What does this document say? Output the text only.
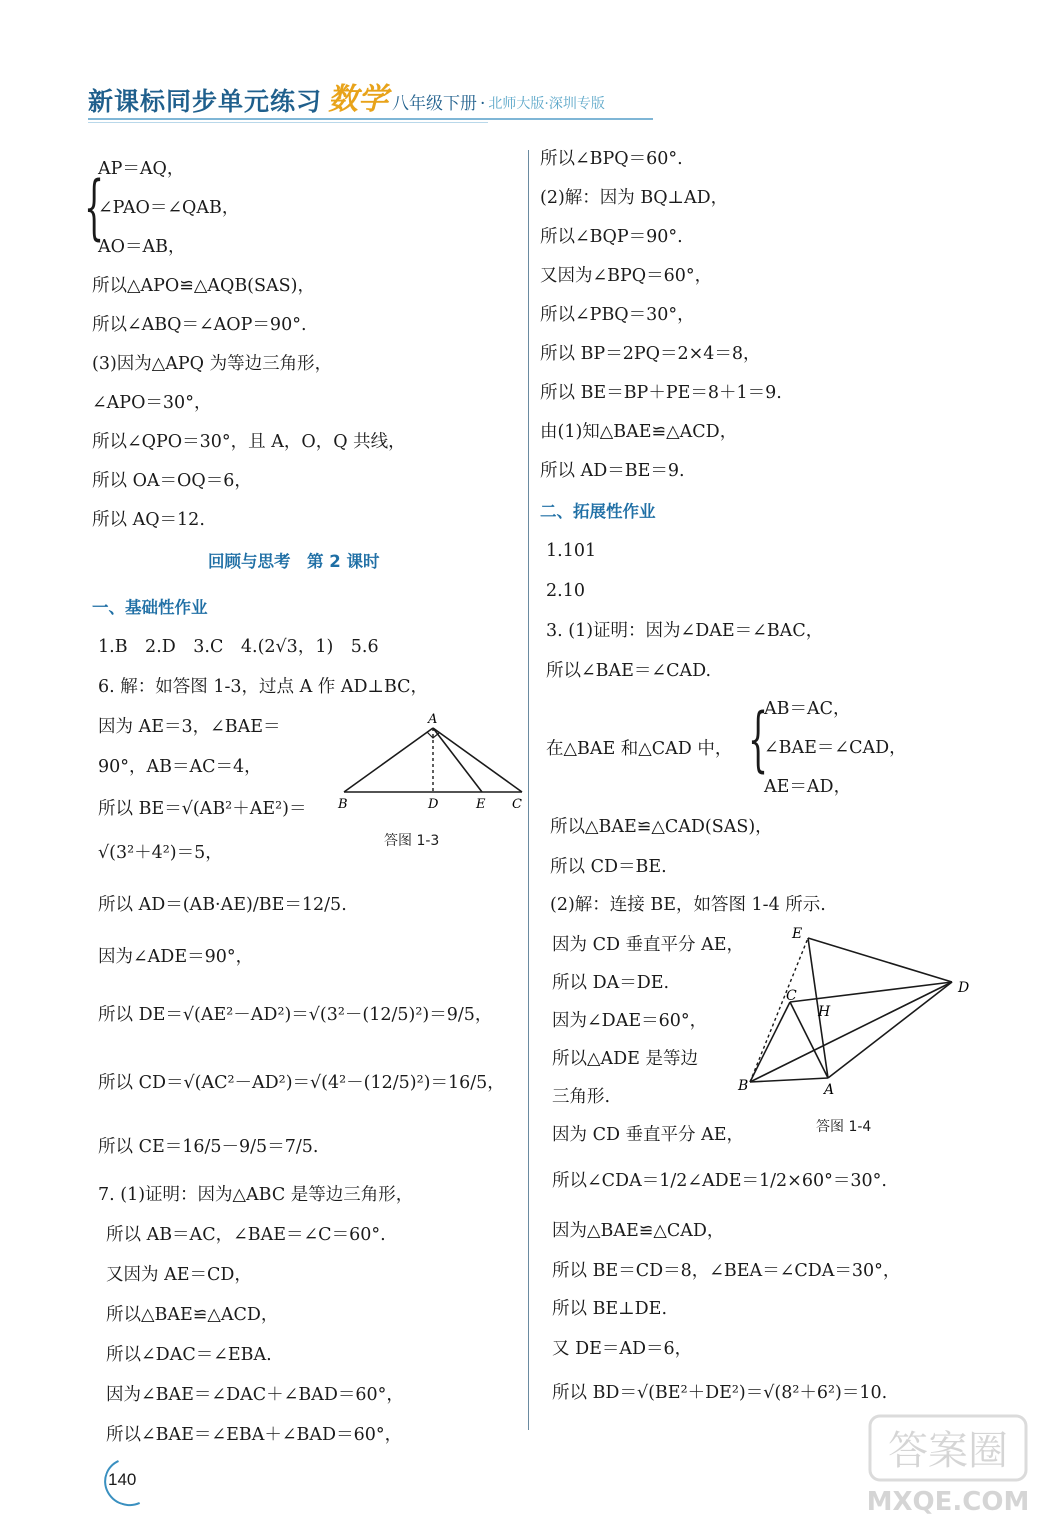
新课标同步单元练习 数学 八年级下册 · 北师大版·深圳专版
{
AP＝AQ，
∠PAO＝∠QAB，
AO＝AB，
所以△APO≌△AQB(SAS)，
所以∠ABQ＝∠AOP＝90°.
(3)因为△APQ 为等边三角形，
∠APO＝30°，
所以∠QPO＝30°，且 A，O，Q 共线，
所以 OA＝OQ＝6，
所以 AQ＝12.
回顾与思考　第 2 课时
一、基础性作业
1.B　2.D　3.C　4.(2√3，1)　5.6
6. 解：如答图 1-3，过点 A 作 AD⊥BC，
因为 AE＝3，∠BAE＝
90°，AB＝AC＝4，
所以 BE＝√(AB²＋AE²)＝
√(3²＋4²)＝5，
所以 AD＝(AB·AE)/BE＝12/5.
因为∠ADE＝90°，
所以 DE＝√(AE²－AD²)＝√(3²－(12/5)²)＝9/5，
所以 CD＝√(AC²－AD²)＝√(4²－(12/5)²)＝16/5，
所以 CE＝16/5－9/5＝7/5.
7. (1)证明：因为△ABC 是等边三角形，
所以 AB＝AC，∠BAE＝∠C＝60°.
又因为 AE＝CD，
所以△BAE≌△ACD，
所以∠DAC＝∠EBA.
因为∠BAE＝∠DAC＋∠BAD＝60°，
所以∠BAE＝∠EBA＋∠BAD＝60°，
A
B	D	E C
答图 1-3
所以∠BPQ＝60°.
(2)解：因为 BQ⊥AD，
所以∠BQP＝90°.
又因为∠BPQ＝60°，
所以∠PBQ＝30°，
所以 BP＝2PQ＝2×4＝8，
所以 BE＝BP＋PE＝8＋1＝9.
由(1)知△BAE≌△ACD，
所以 AD＝BE＝9.
二、拓展性作业
1.101
2.10
3. (1)证明：因为∠DAE＝∠BAC，
所以∠BAE＝∠CAD.
在△BAE 和△CAD 中， {
AB＝AC，
∠BAE＝∠CAD，
AE＝AD，
所以△BAE≌△CAD(SAS)，
所以 CD＝BE.
(2)解：连接 BE，如答图 1-4 所示.
因为 CD 垂直平分 AE，
所以 DA＝DE.
因为∠DAE＝60°，
所以△ADE 是等边
三角形.
因为 CD 垂直平分 AE，
所以∠CDA＝1/2∠ADE＝1/2×60°＝30°.
因为△BAE≌△CAD，
所以 BE＝CD＝8，∠BEA＝∠CDA＝30°，
所以 BE⊥DE.
又 DE＝AD＝6，
所以 BD＝√(BE²＋DE²)＝√(8²＋6²)＝10.
E
D
C
H
B	A
答图 1-4
140
答案圈
MXQE.COM
